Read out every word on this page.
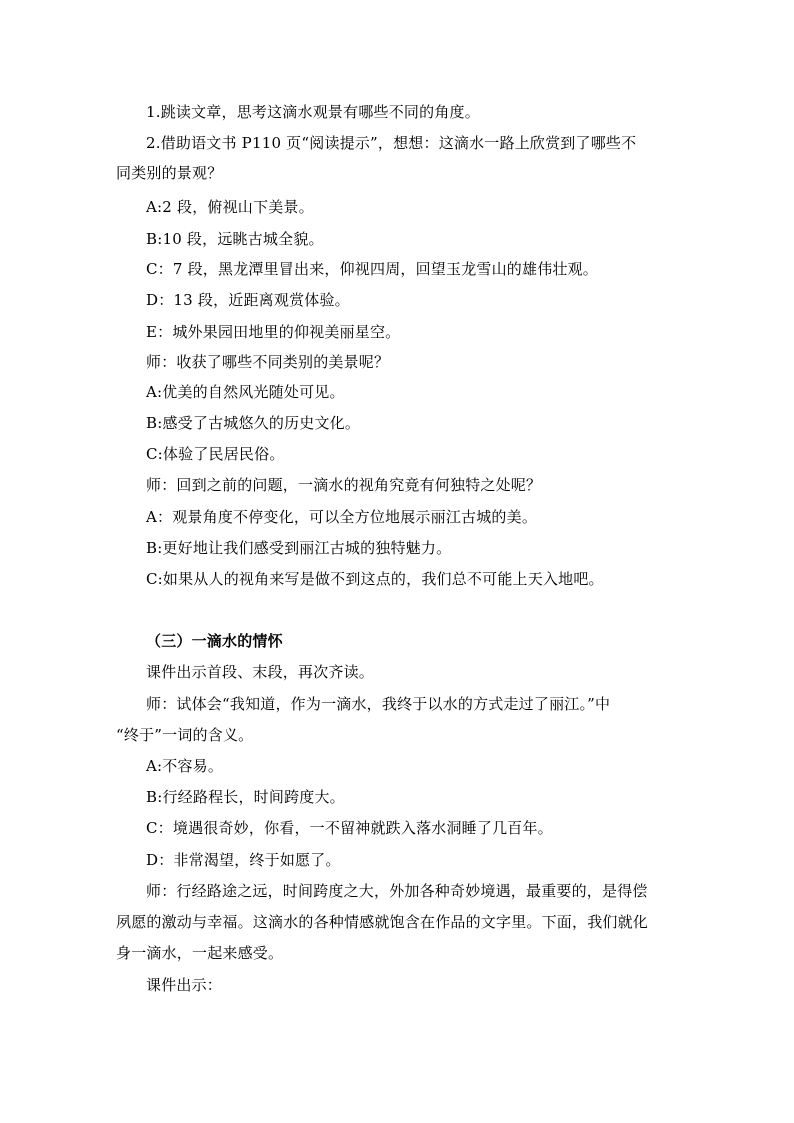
1.跳读文章，思考这滴水观景有哪些不同的角度。
2.借助语文书 P110 页“阅读提示”，想想：这滴水一路上欣赏到了哪些不
同类别的景观？
A:2 段，俯视山下美景。
B:10 段，远眺古城全貌。
C：7 段，黑龙潭里冒出来，仰视四周，回望玉龙雪山的雄伟壮观。
D：13 段，近距离观赏体验。
E：城外果园田地里的仰视美丽星空。
师：收获了哪些不同类别的美景呢？
A:优美的自然风光随处可见。
B:感受了古城悠久的历史文化。
C:体验了民居民俗。
师：回到之前的问题，一滴水的视角究竟有何独特之处呢？
A：观景角度不停变化，可以全方位地展示丽江古城的美。
B:更好地让我们感受到丽江古城的独特魅力。
C:如果从人的视角来写是做不到这点的，我们总不可能上天入地吧。
（三）一滴水的情怀
课件出示首段、末段，再次齐读。
师：试体会“我知道，作为一滴水，我终于以水的方式走过了丽江。”中
“终于”一词的含义。
A:不容易。
B:行经路程长，时间跨度大。
C：境遇很奇妙，你看，一不留神就跌入落水洞睡了几百年。
D：非常渴望，终于如愿了。
师：行经路途之远，时间跨度之大，外加各种奇妙境遇，最重要的，是得偿
夙愿的激动与幸福。这滴水的各种情感就饱含在作品的文字里。下面，我们就化
身一滴水，一起来感受。
课件出示：
